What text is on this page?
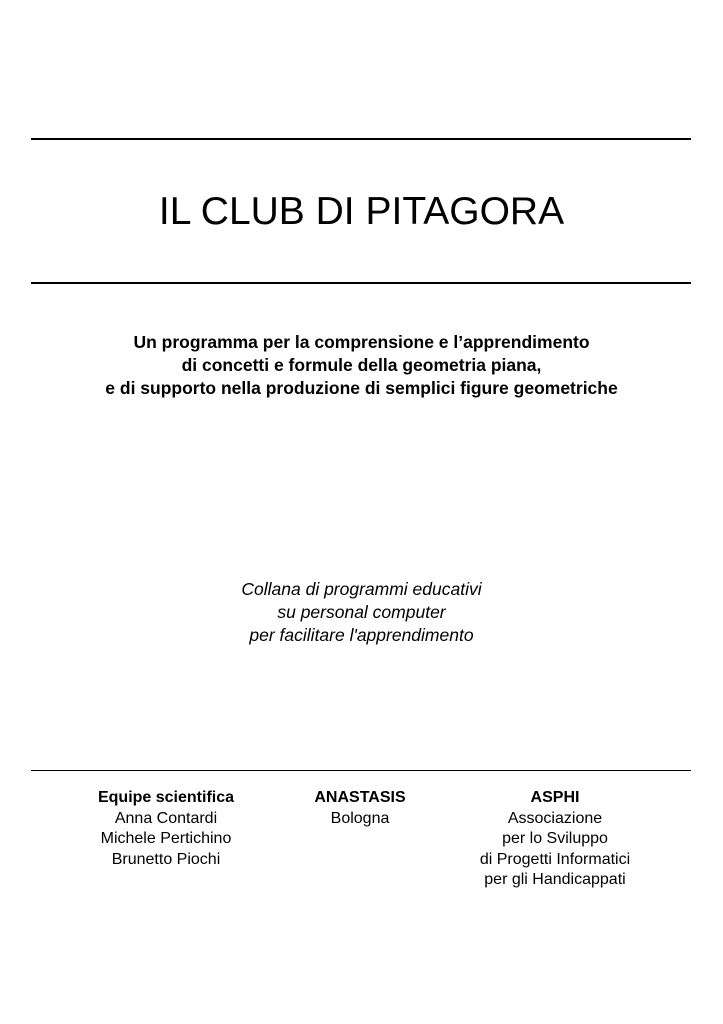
IL CLUB DI PITAGORA
Un programma per la comprensione e l’apprendimento
di concetti e formule della geometria piana,
e di supporto nella produzione di semplici figure geometriche
Collana di programmi educativi
su personal computer
per facilitare l'apprendimento
Equipe scientifica
Anna Contardi
Michele Pertichino
Brunetto Piochi
ANASTASIS
Bologna
ASPHI
Associazione
per lo Sviluppo
di Progetti Informatici
per gli Handicappati
